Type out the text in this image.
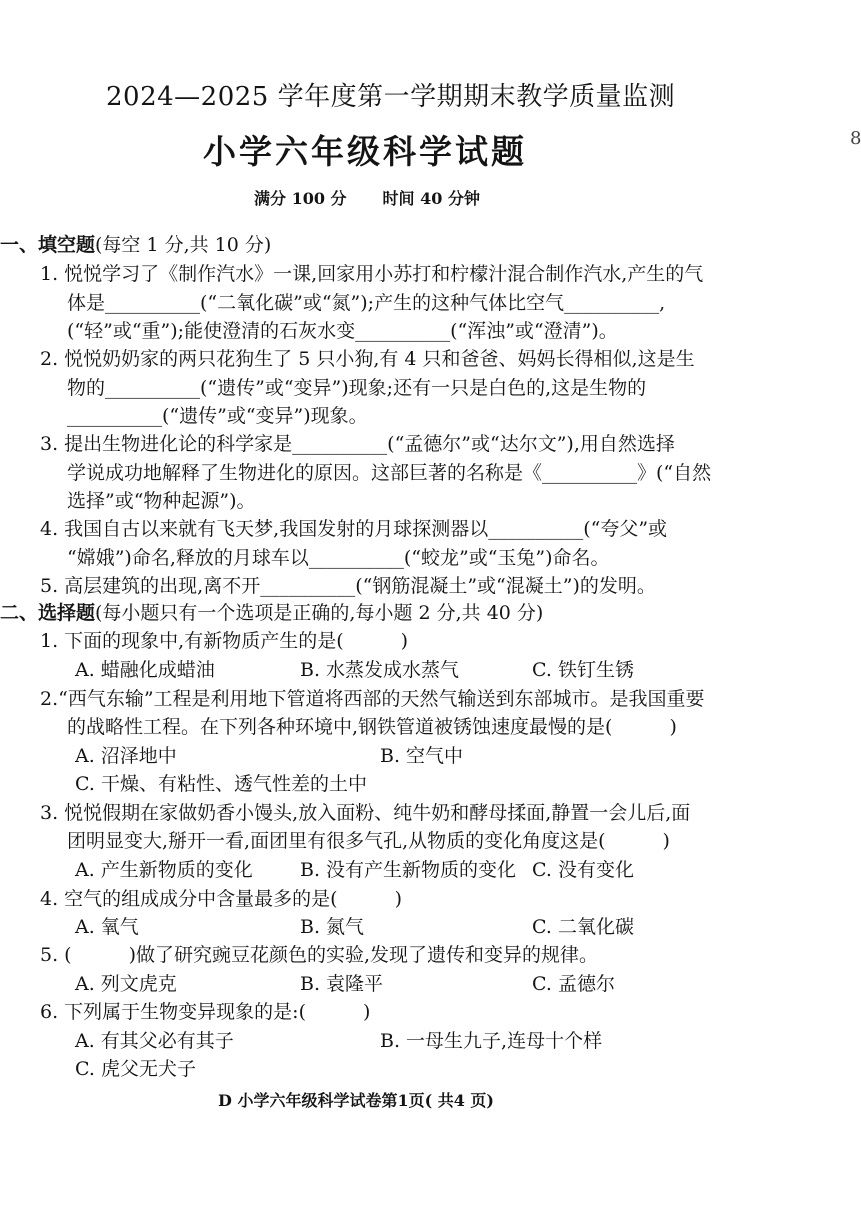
2024—2025 学年度第一学期期末教学质量监测
小学六年级科学试题
满分 100 分 时间 40 分钟
8
一、填空题(每空 1 分,共 10 分)
1. 悦悦学习了《制作汽水》一课,回家用小苏打和柠檬汁混合制作汽水,产生的气
体是__________(“二氧化碳”或“氮”);产生的这种气体比空气__________,
(“轻”或“重”);能使澄清的石灰水变__________(“浑浊”或“澄清”)。
2. 悦悦奶奶家的两只花狗生了 5 只小狗,有 4 只和爸爸、妈妈长得相似,这是生
物的__________(“遗传”或“变异”)现象;还有一只是白色的,这是生物的
__________(“遗传”或“变异”)现象。
3. 提出生物进化论的科学家是__________(“孟德尔”或“达尔文”),用自然选择
学说成功地解释了生物进化的原因。这部巨著的名称是《__________》(“自然
选择”或“物种起源”)。
4. 我国自古以来就有飞天梦,我国发射的月球探测器以__________(“夸父”或
“嫦娥”)命名,释放的月球车以__________(“蛟龙”或“玉兔”)命名。
5. 高层建筑的出现,离不开__________(“钢筋混凝土”或“混凝土”)的发明。
二、选择题(每小题只有一个选项是正确的,每小题 2 分,共 40 分)
1. 下面的现象中,有新物质产生的是(　　　)
A. 蜡融化成蜡油	B. 水蒸发成水蒸气	C. 铁钉生锈
2.“西气东输”工程是利用地下管道将西部的天然气输送到东部城市。是我国重要
的战略性工程。在下列各种环境中,钢铁管道被锈蚀速度最慢的是(　　　)
A. 沼泽地中	B. 空气中
C. 干燥、有粘性、透气性差的土中
3. 悦悦假期在家做奶香小馒头,放入面粉、纯牛奶和酵母揉面,静置一会儿后,面
团明显变大,掰开一看,面团里有很多气孔,从物质的变化角度这是(　　　)
A. 产生新物质的变化 B. 没有产生新物质的变化 C. 没有变化
4. 空气的组成成分中含量最多的是(　　　)
A. 氧气	B. 氮气	C. 二氧化碳
5. (　　　)做了研究豌豆花颜色的实验,发现了遗传和变异的规律。
A. 列文虎克	B. 袁隆平	C. 孟德尔
6. 下列属于生物变异现象的是:(　　　)
A. 有其父必有其子	B. 一母生九子,连母十个样
C. 虎父无犬子
D 小学六年级科学试卷第1页( 共4 页)
